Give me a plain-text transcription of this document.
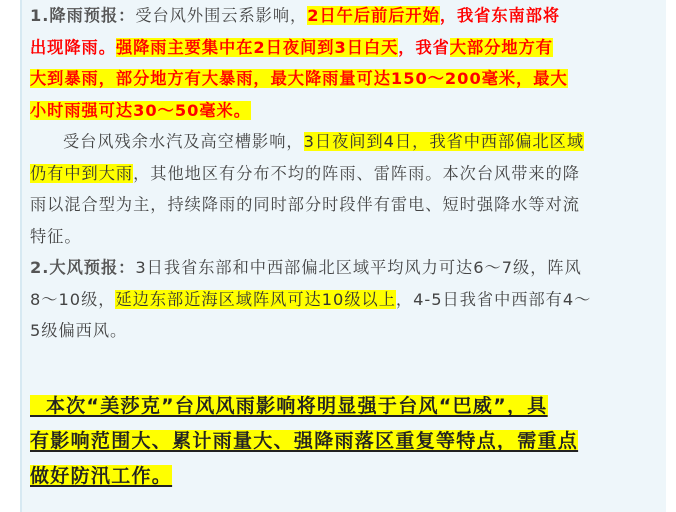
1.降雨预报：受台风外围云系影响，2日午后前后开始，我省东南部将
出现降雨。强降雨主要集中在2日夜间到3日白天，我省大部分地方有
大到暴雨，部分地方有大暴雨，最大降雨量可达150～200毫米，最大
小时雨强可达30～50毫米。
受台风残余水汽及高空槽影响，3日夜间到4日，我省中西部偏北区域
仍有中到大雨，其他地区有分布不均的阵雨、雷阵雨。本次台风带来的降
雨以混合型为主，持续降雨的同时部分时段伴有雷电、短时强降水等对流
特征。
2.大风预报：3日我省东部和中西部偏北区域平均风力可达6～7级，阵风
8～10级，延边东部近海区域阵风可达10级以上，4-5日我省中西部有4～
5级偏西风。
本次“美莎克”台风风雨影响将明显强于台风“巴威”，具
有影响范围大、累计雨量大、强降雨落区重复等特点，需重点
做好防汛工作。
